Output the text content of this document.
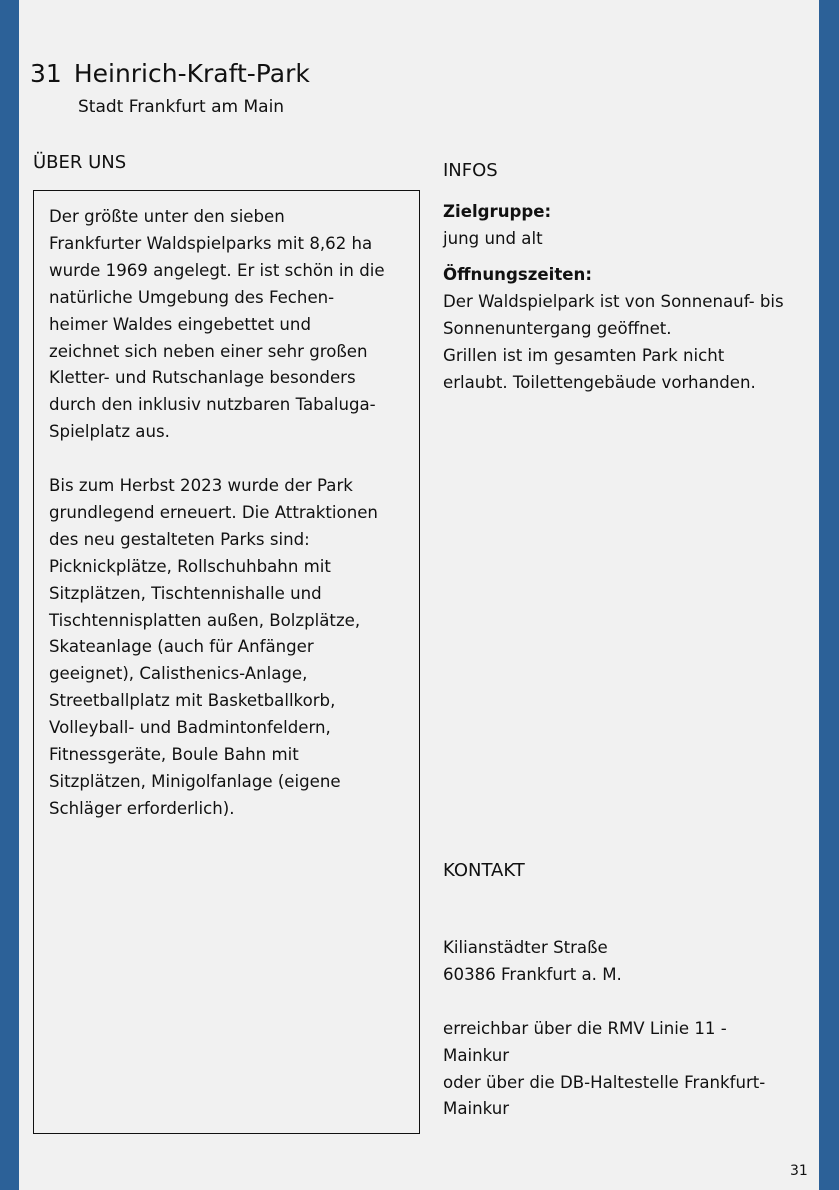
31 Heinrich-Kraft-Park
Stadt Frankfurt am Main
ÜBER UNS

Der größte unter den sieben
Frankfurter Waldspielparks mit 8,62 ha
wurde 1969 angelegt. Er ist schön in die
natürliche Umgebung des Fechen-
heimer Waldes eingebettet und
zeichnet sich neben einer sehr großen
Kletter- und Rutschanlage besonders
durch den inklusiv nutzbaren Tabaluga-
Spielplatz aus.

Bis zum Herbst 2023 wurde der Park
grundlegend erneuert. Die Attraktionen
des neu gestalteten Parks sind:
Picknickplätze, Rollschuhbahn mit
Sitzplätzen, Tischtennishalle und
Tischtennisplatten außen, Bolzplätze,
Skateanlage (auch für Anfänger
geeignet), Calisthenics-Anlage,
Streetballplatz mit Basketballkorb,
Volleyball- und Badmintonfeldern,
Fitnessgeräte, Boule Bahn mit
Sitzplätzen, Minigolfanlage (eigene
Schläger erforderlich).

INFOS
Zielgruppe:
jung und alt
Öffnungszeiten:
Der Waldspielpark ist von Sonnenauf- bis
Sonnenuntergang geöffnet.
Grillen ist im gesamten Park nicht
erlaubt. Toilettengebäude vorhanden.
KONTAKT
Kilianstädter Straße
60386 Frankfurt a. M.
erreichbar über die RMV Linie 11 -
Mainkur
oder über die DB-Haltestelle Frankfurt-
Mainkur
31
